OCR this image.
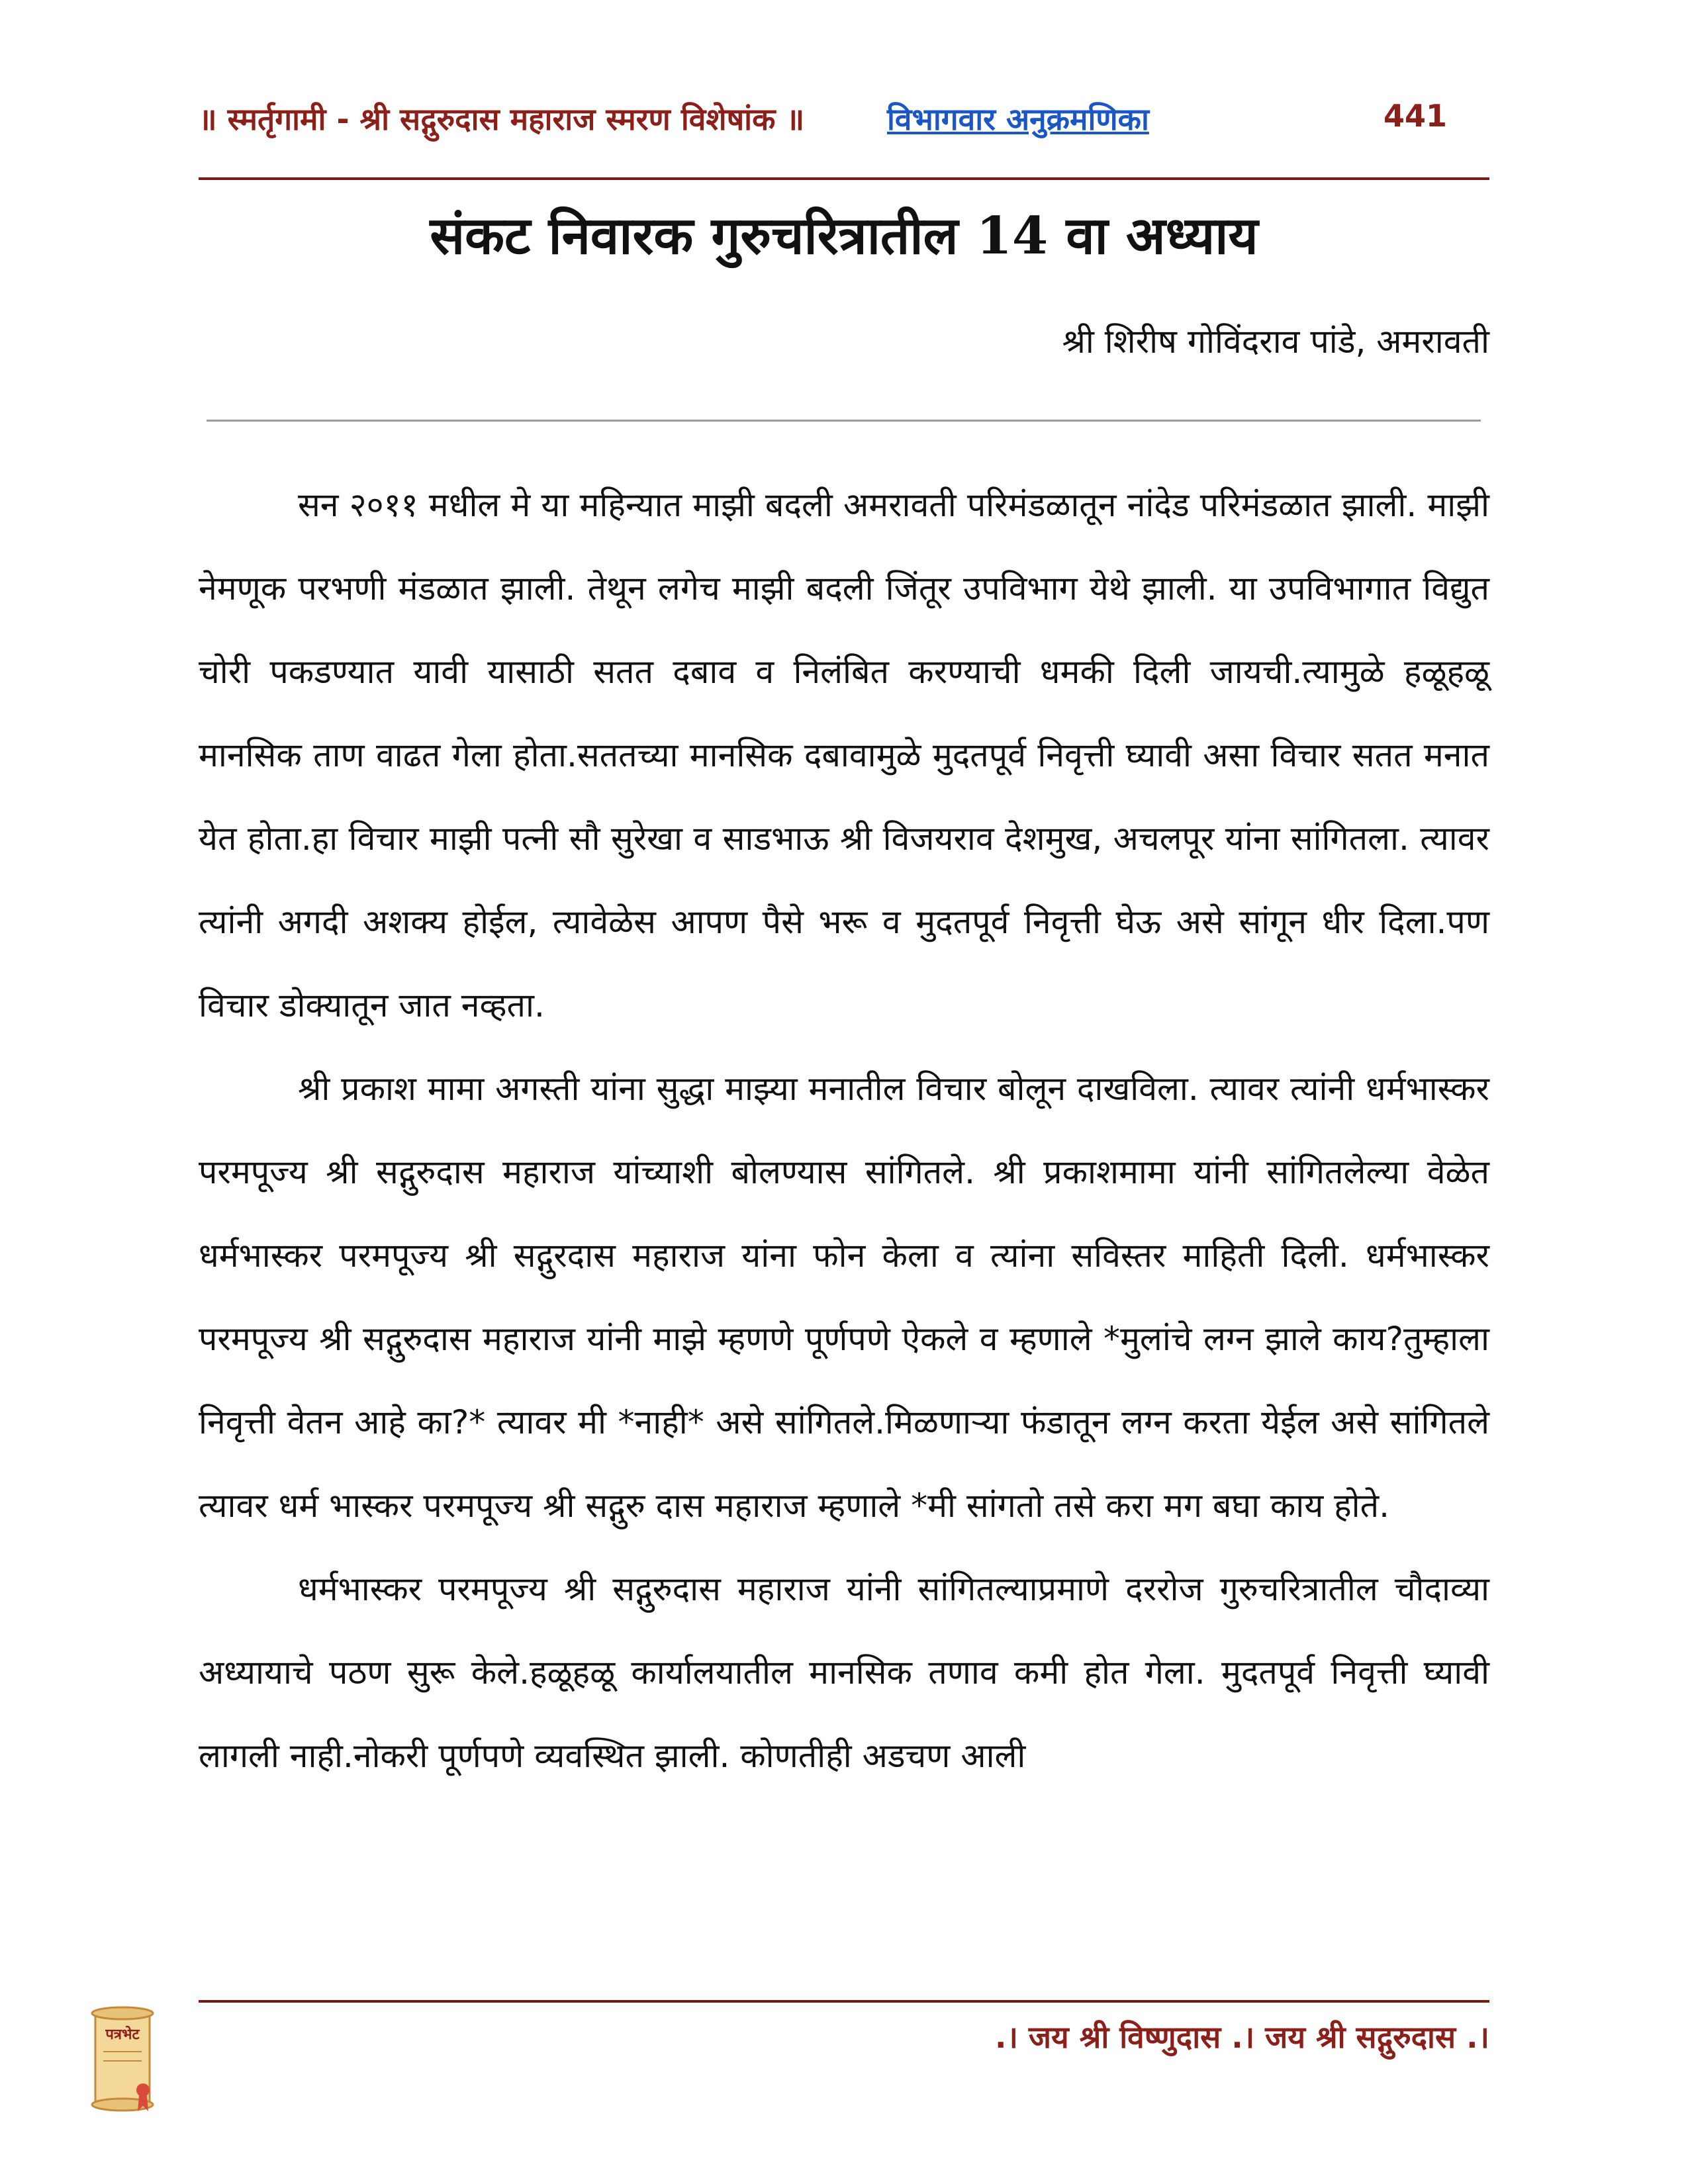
॥ स्मर्तृगामी - श्री सद्गुरुदास महाराज स्मरण विशेषांक ॥	विभागवार अनुक्रमणिका	441
संकट निवारक गुरुचरित्रातील 14 वा अध्याय
श्री शिरीष गोविंदराव पांडे, अमरावती

सन २०११ मधील मे या महिन्यात माझी बदली अमरावती परिमंडळातून नांदेड परिमंडळात झाली. माझी नेमणूक परभणी मंडळात झाली. तेथून लगेच माझी बदली जिंतूर उपविभाग येथे झाली. या उपविभागात विद्युत चोरी पकडण्यात यावी यासाठी सतत दबाव व निलंबित करण्याची धमकी दिली जायची.त्यामुळे हळूहळू मानसिक ताण वाढत गेला होता.सततच्या मानसिक दबावामुळे मुदतपूर्व निवृत्ती घ्यावी असा विचार सतत मनात येत होता.हा विचार माझी पत्नी सौ सुरेखा व साडभाऊ श्री विजयराव देशमुख, अचलपूर यांना सांगितला. त्यावर त्यांनी अगदी अशक्य होईल, त्यावेळेस आपण पैसे भरू व मुदतपूर्व निवृत्ती घेऊ असे सांगून धीर दिला.पण विचार डोक्यातून जात नव्हता.

श्री प्रकाश मामा अगस्ती यांना सुद्धा माझ्या मनातील विचार बोलून दाखविला. त्यावर त्यांनी धर्मभास्कर परमपूज्य श्री सद्गुरुदास महाराज यांच्याशी बोलण्यास सांगितले. श्री प्रकाशमामा यांनी सांगितलेल्या वेळेत धर्मभास्कर परमपूज्य श्री सद्गुरदास महाराज यांना फोन केला व त्यांना सविस्तर माहिती दिली. धर्मभास्कर परमपूज्य श्री सद्गुरुदास महाराज यांनी माझे म्हणणे पूर्णपणे ऐकले व म्हणाले *मुलांचे लग्न झाले काय?तुम्हाला निवृत्ती वेतन आहे का?* त्यावर मी *नाही* असे सांगितले.मिळणाऱ्या फंडातून लग्न करता येईल असे सांगितले त्यावर धर्म भास्कर परमपूज्य श्री सद्गुरु दास महाराज म्हणाले *मी सांगतो तसे करा मग बघा काय होते.

धर्मभास्कर परमपूज्य श्री सद्गुरुदास महाराज यांनी सांगितल्याप्रमाणे दररोज गुरुचरित्रातील चौदाव्या अध्यायाचे पठण सुरू केले.हळूहळू कार्यालयातील मानसिक तणाव कमी होत गेला. मुदतपूर्व निवृत्ती घ्यावी लागली नाही.नोकरी पूर्णपणे व्यवस्थित झाली. कोणतीही अडचण आली

.। जय श्री विष्णुदास .। जय श्री सद्गुरुदास .।
पत्रभेट
